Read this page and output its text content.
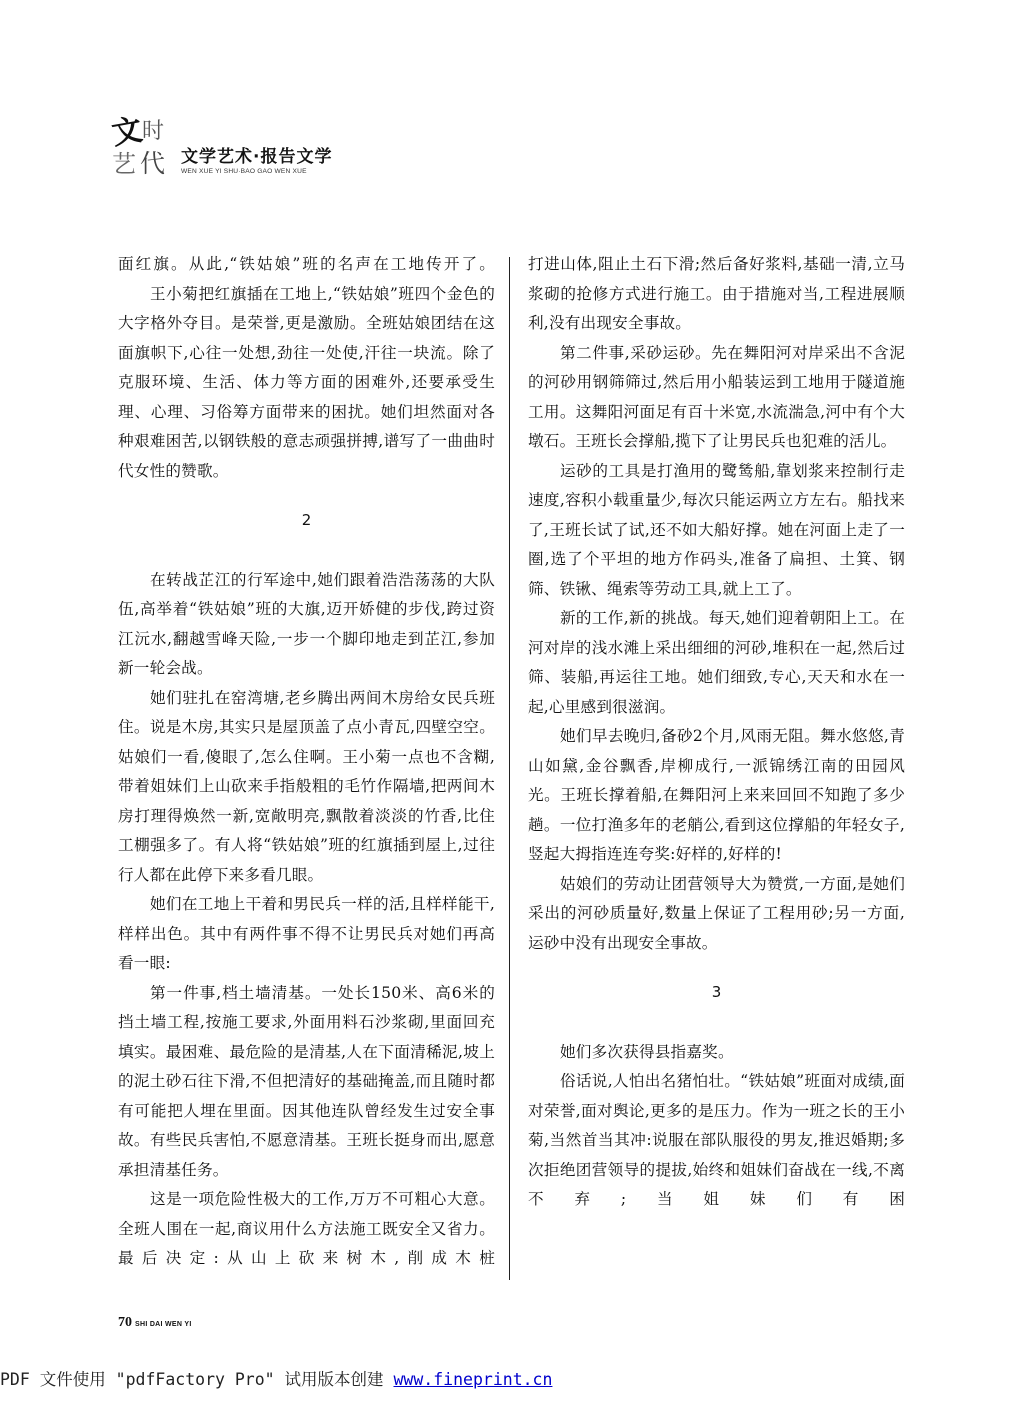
文
时
艺 代 文学艺术·报告文学
WEN XUE YI SHU·BAO GAO WEN XUE

面红旗。从此,“铁姑娘”班的名声在工地传开了。

王小菊把红旗插在工地上,“铁姑娘”班四个金色的大字格外夺目。是荣誉,更是激励。全班姑娘团结在这面旗帜下,心往一处想,劲往一处使,汗往一块流。除了克服环境、生活、体力等方面的困难外,还要承受生理、心理、习俗筹方面带来的困扰。她们坦然面对各种艰难困苦,以钢铁般的意志顽强拼搏,谱写了一曲曲时代女性的赞歌。

2

在转战芷江的行军途中,她们跟着浩浩荡荡的大队伍,高举着“铁姑娘”班的大旗,迈开娇健的步伐,跨过资江沅水,翻越雪峰天险,一步一个脚印地走到芷江,参加新一轮会战。

她们驻扎在窑湾塘,老乡腾出两间木房给女民兵班住。说是木房,其实只是屋顶盖了点小青瓦,四壁空空。姑娘们一看,傻眼了,怎么住啊。王小菊一点也不含糊,带着姐妹们上山砍来手指般粗的毛竹作隔墙,把两间木房打理得焕然一新,宽敞明亮,飘散着淡淡的竹香,比住工棚强多了。有人将“铁姑娘”班的红旗插到屋上,过往行人都在此停下来多看几眼。

她们在工地上干着和男民兵一样的活,且样样能干,样样出色。其中有两件事不得不让男民兵对她们再高看一眼:

第一件事,档土墙清基。一处长150米、高6米的挡土墙工程,按施工要求,外面用料石沙浆砌,里面回充填实。最困难、最危险的是清基,人在下面清稀泥,坡上的泥土砂石往下滑,不但把清好的基础掩盖,而且随时都有可能把人埋在里面。因其他连队曾经发生过安全事故。有些民兵害怕,不愿意清基。王班长挺身而出,愿意承担清基任务。

这是一项危险性极大的工作,万万不可粗心大意。全班人围在一起,商议用什么方法施工既安全又省力。最后决定:从山上砍来树木,削成木桩

打进山体,阻止土石下滑;然后备好浆料,基础一清,立马浆砌的抢修方式进行施工。由于措施对当,工程进展顺利,没有出现安全事故。

第二件事,采砂运砂。先在舞阳河对岸采出不含泥的河砂用钢筛筛过,然后用小船装运到工地用于隧道施工用。这舞阳河面足有百十米宽,水流湍急,河中有个大墩石。王班长会撑船,揽下了让男民兵也犯难的活儿。

运砂的工具是打渔用的鹭鸶船,靠划浆来控制行走速度,容积小载重量少,每次只能运两立方左右。船找来了,王班长试了试,还不如大船好撑。她在河面上走了一圈,选了个平坦的地方作码头,准备了扁担、土箕、钢筛、铁锹、绳索等劳动工具,就上工了。

新的工作,新的挑战。每天,她们迎着朝阳上工。在河对岸的浅水滩上采出细细的河砂,堆积在一起,然后过筛、装船,再运往工地。她们细致,专心,天天和水在一起,心里感到很滋润。

她们早去晚归,备砂2个月,风雨无阻。舞水悠悠,青山如黛,金谷飘香,岸柳成行,一派锦绣江南的田园风光。王班长撑着船,在舞阳河上来来回回不知跑了多少趟。一位打渔多年的老艄公,看到这位撑船的年轻女子,竖起大拇指连连夸奖:好样的,好样的!

姑娘们的劳动让团营领导大为赞赏,一方面,是她们采出的河砂质量好,数量上保证了工程用砂;另一方面,运砂中没有出现安全事故。

3

她们多次获得县指嘉奖。

俗话说,人怕出名猪怕壮。“铁姑娘”班面对成绩,面对荣誉,面对舆论,更多的是压力。作为一班之长的王小菊,当然首当其冲:说服在部队服役的男友,推迟婚期;多次拒绝团营领导的提拔,始终和姐妹们奋战在一线,不离不弃;当姐妹们有困

70 SHI DAI WEN YI
PDF 文件使用 "pdfFactory Pro" 试用版本创建 www.fineprint.cn
